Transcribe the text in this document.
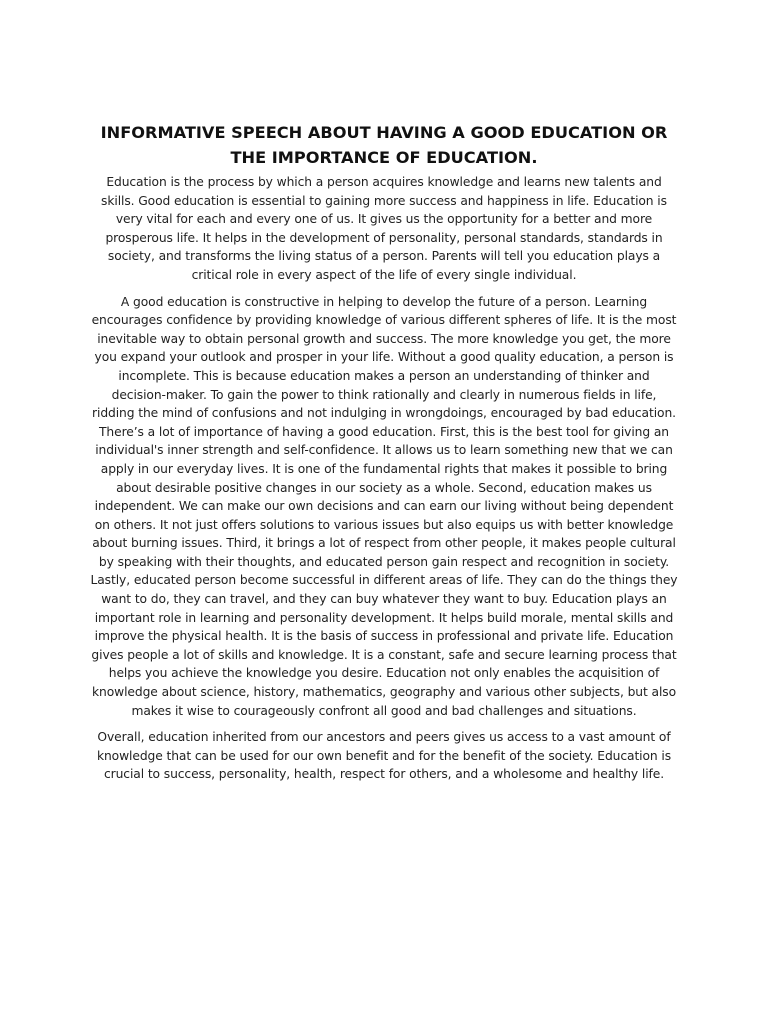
INFORMATIVE SPEECH ABOUT HAVING A GOOD EDUCATION OR
THE IMPORTANCE OF EDUCATION.

Education is the process by which a person acquires knowledge and learns new talents and skills. Good education is essential to gaining more success and happiness in life. Education is very vital for each and every one of us. It gives us the opportunity for a better and more prosperous life. It helps in the development of personality, personal standards, standards in society, and transforms the living status of a person. Parents will tell you education plays a critical role in every aspect of the life of every single individual.

A good education is constructive in helping to develop the future of a person. Learning encourages confidence by providing knowledge of various different spheres of life. It is the most inevitable way to obtain personal growth and success. The more knowledge you get, the more you expand your outlook and prosper in your life. Without a good quality education, a person is incomplete. This is because education makes a person an understanding of thinker and decision-maker. To gain the power to think rationally and clearly in numerous fields in life, ridding the mind of confusions and not indulging in wrongdoings, encouraged by bad education. There’s a lot of importance of having a good education. First, this is the best tool for giving an individual's inner strength and self-confidence. It allows us to learn something new that we can apply in our everyday lives. It is one of the fundamental rights that makes it possible to bring about desirable positive changes in our society as a whole. Second, education makes us independent. We can make our own decisions and can earn our living without being dependent on others. It not just offers solutions to various issues but also equips us with better knowledge about burning issues. Third, it brings a lot of respect from other people, it makes people cultural by speaking with their thoughts, and educated person gain respect and recognition in society. Lastly, educated person become successful in different areas of life. They can do the things they want to do, they can travel, and they can buy whatever they want to buy. Education plays an important role in learning and personality development. It helps build morale, mental skills and improve the physical health. It is the basis of success in professional and private life. Education gives people a lot of skills and knowledge. It is a constant, safe and secure learning process that helps you achieve the knowledge you desire. Education not only enables the acquisition of knowledge about science, history, mathematics, geography and various other subjects, but also makes it wise to courageously confront all good and bad challenges and situations.

Overall, education inherited from our ancestors and peers gives us access to a vast amount of knowledge that can be used for our own benefit and for the benefit of the society. Education is crucial to success, personality, health, respect for others, and a wholesome and healthy life.
